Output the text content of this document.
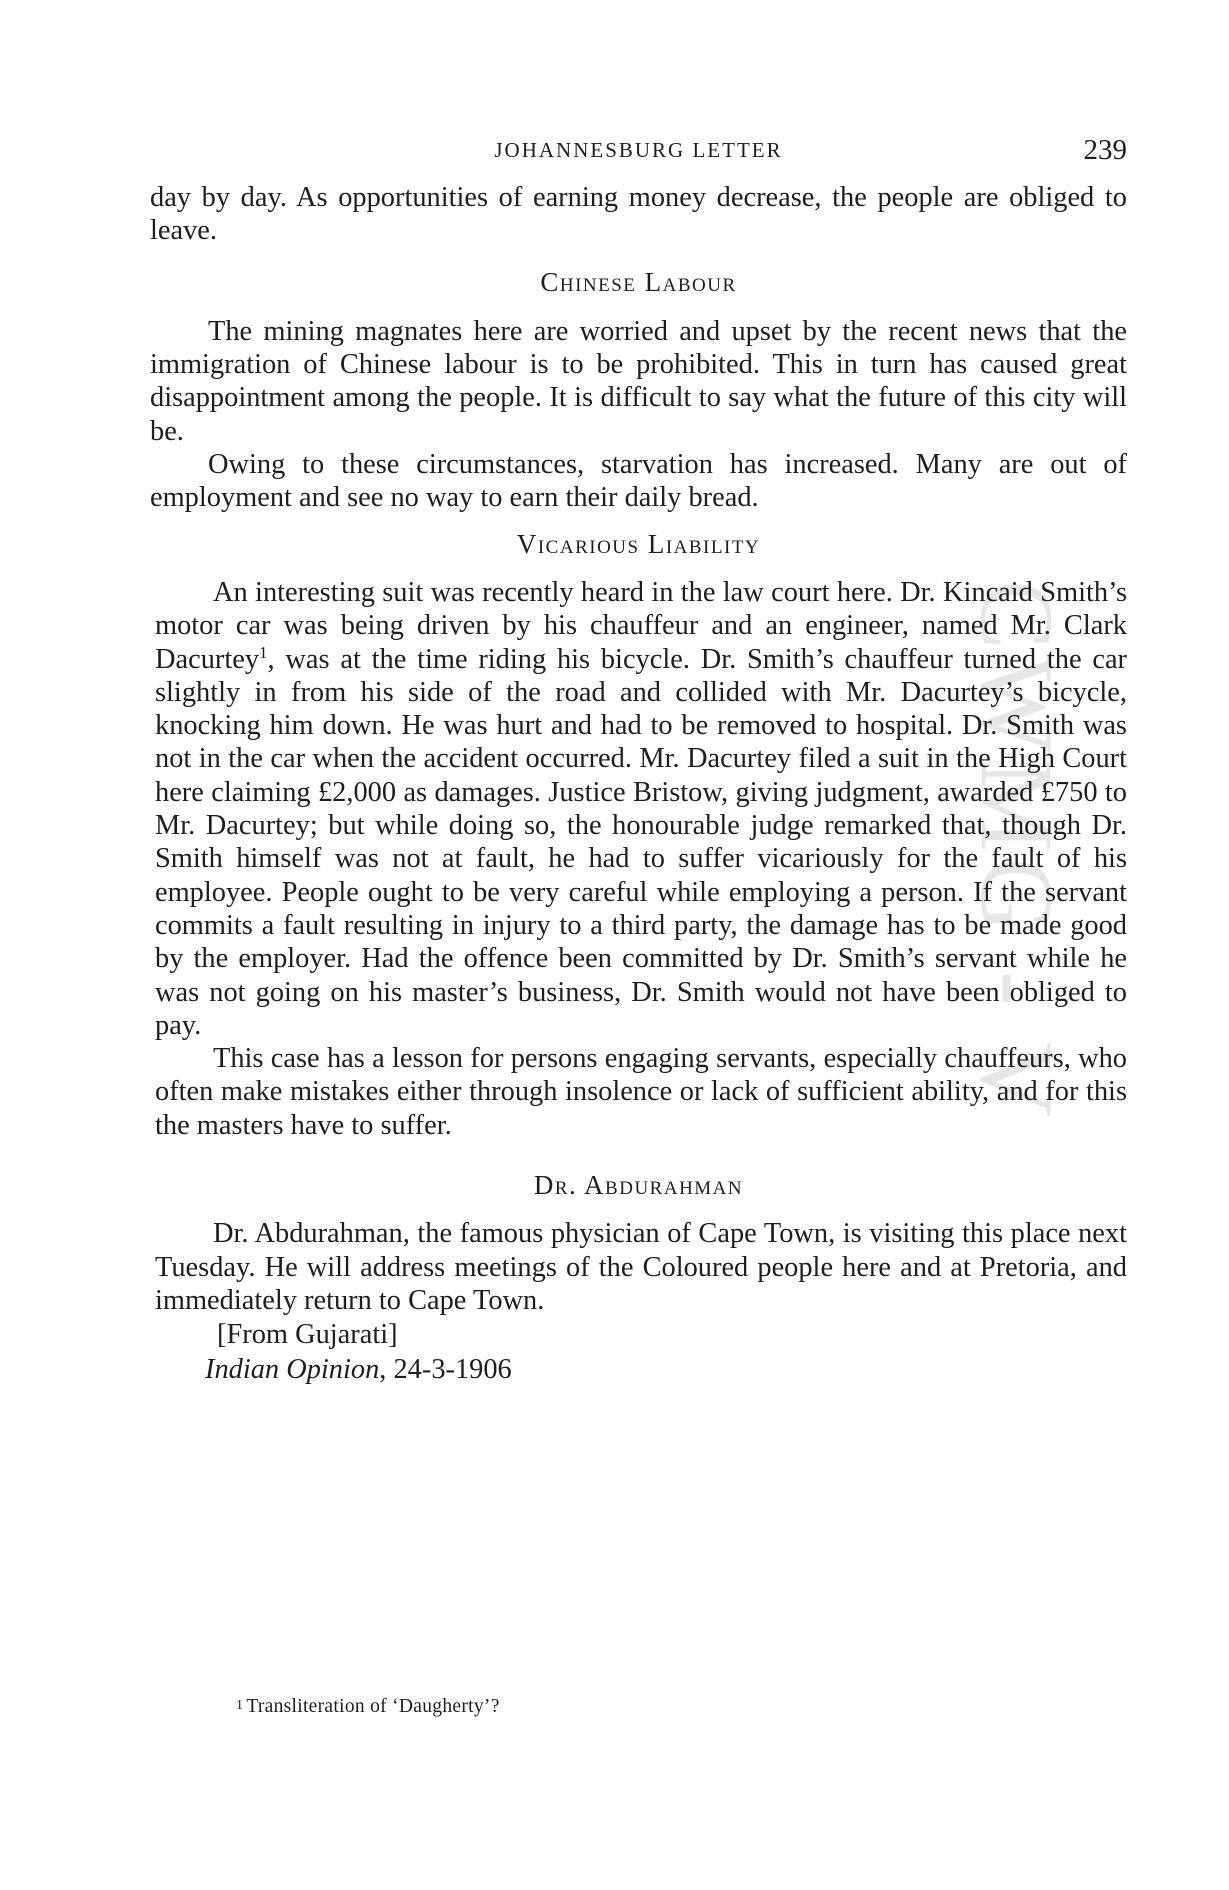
CWMG - V
JOHANNESBURG LETTER	239

day by day. As opportunities of earning money decrease, the people are obliged to leave.

Chinese Labour

The mining magnates here are worried and upset by the recent news that the immigration of Chinese labour is to be prohibited. This in turn has caused great disappointment among the people. It is difficult to say what the future of this city will be.

Owing to these circumstances, starvation has increased. Many are out of employment and see no way to earn their daily bread.

Vicarious Liability

An interesting suit was recently heard in the law court here. Dr. Kincaid Smith’s motor car was being driven by his chauffeur and an engineer, named Mr. Clark Dacurtey$^1$, was at the time riding his bicycle. Dr. Smith’s chauffeur turned the car slightly in from his side of the road and collided with Mr. Dacurtey’s bicycle, knocking him down. He was hurt and had to be removed to hospital. Dr. Smith was not in the car when the accident occurred. Mr. Dacurtey filed a suit in the High Court here claiming £2,000 as damages. Justice Bristow, giving judgment, awarded £750 to Mr. Dacurtey; but while doing so, the honourable judge remarked that, though Dr. Smith himself was not at fault, he had to suffer vicariously for the fault of his employee. People ought to be very careful while employing a person. If the servant commits a fault resulting in injury to a third party, the damage has to be made good by the employer. Had the offence been committed by Dr. Smith’s servant while he was not going on his master’s business, Dr. Smith would not have been obliged to pay.

This case has a lesson for persons engaging servants, especially chauffeurs, who often make mistakes either through insolence or lack of sufficient ability, and for this the masters have to suffer.

Dr. Abdurahman

Dr. Abdurahman, the famous physician of Cape Town, is visiting this place next Tuesday. He will address meetings of the Coloured people here and at Pretoria, and immediately return to Cape Town.

[From Gujarati]
Indian Opinion, 24-3-1906
$^1$ Transliteration of ‘Daugherty’?
